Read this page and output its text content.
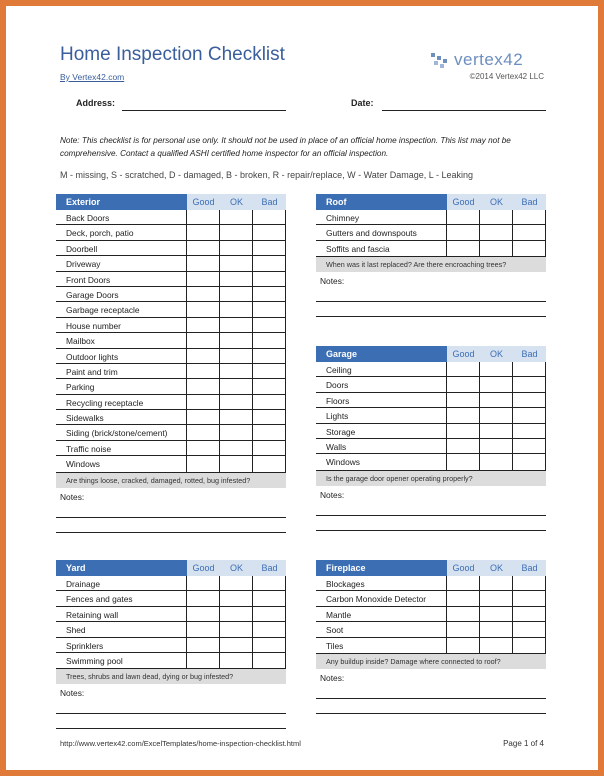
Home Inspection Checklist
By Vertex42.com
vertex42
©2014 Vertex42 LLC
Address:	Date:
Note: This checklist is for personal use only. It should not be used in place of an official home inspection. This list may not be comprehensive. Contact a qualified ASHI certified home inspector for an official inspection.
M - missing, S - scratched, D - damaged, B - broken, R - repair/replace, W - Water Damage, L - Leaking
Exterior	Good	OK	Bad
Back Doors
Deck, porch, patio
Doorbell
Driveway
Front Doors
Garage Doors
Garbage receptacle
House number
Mailbox
Outdoor lights
Paint and trim
Parking
Recycling receptacle
Sidewalks
Siding (brick/stone/cement)
Traffic noise
Windows
Are things loose, cracked, damaged, rotted, bug infested?
Notes:
Roof	Good	OK	Bad
Chimney
Gutters and downspouts
Soffits and fascia
When was it last replaced? Are there encroaching trees?
Notes:
Garage	Good	OK	Bad
Ceiling
Doors
Floors
Lights
Storage
Walls
Windows
Is the garage door opener operating properly?
Notes:
Yard	Good	OK	Bad
Drainage
Fences and gates
Retaining wall
Shed
Sprinklers
Swimming pool
Trees, shrubs and lawn dead, dying or bug infested?
Notes:
Fireplace	Good	OK	Bad
Blockages
Carbon Monoxide Detector
Mantle
Soot
Tiles
Any buildup inside? Damage where connected to roof?
Notes:
http://www.vertex42.com/ExcelTemplates/home-inspection-checklist.html	Page 1 of 4
